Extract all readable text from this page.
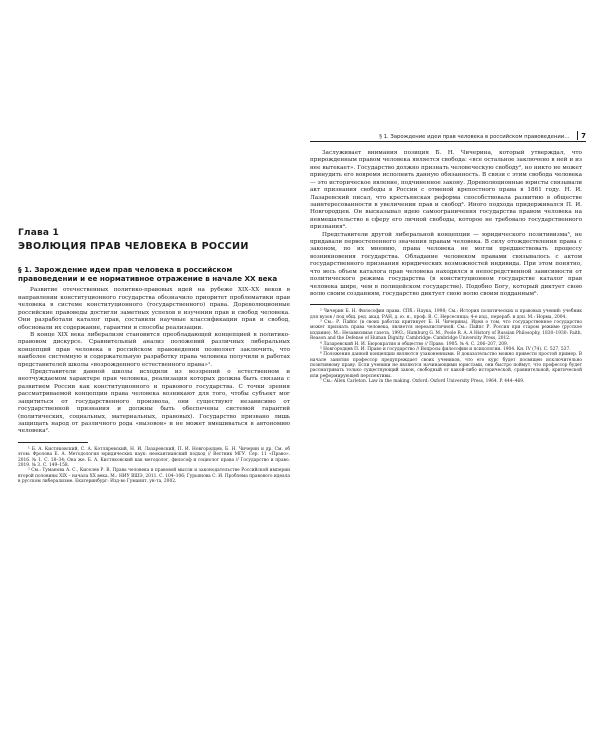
§ 1. Зарождение идеи прав человека в российском правоведении…	7
Глава 1
ЭВОЛЮЦИЯ ПРАВ ЧЕЛОВЕКА В РОССИИ
§ 1. Зарождение идеи прав человека в российском правоведении и ее нормативное отражение в начале XX века

Развитие отечественных политико-правовых идей на рубеже XIX–XX веков в направлении конституционного государства обозначило приоритет проблематики прав человека в системе конституционного (государственного) права. Дореволюционные российские правоведы достигли заметных успехов в изучении прав и свобод человека. Они разработали каталог прав, составили научные классификации прав и свобод, обосновали их содержание, гарантии и способы реализации.

В конце XIX века либерализм становится преобладающей концепцией в политико-правовом дискурсе. Сравнительный анализ положений различных либеральных концепций прав человека в российском правоведении позволяет заключить, что наиболее системную и содержательную разработку права человека получили в работах представителей школы «возрожденного естественного права»¹.

Представители данной школы исходили из воззрений о естественном и неотчуждаемом характере прав человека, реализация которых должна быть связана с развитием России как конституционного и правового государства. С точки зрения рассматриваемой концепции права человека возникают для того, чтобы субъект мог защититься от государственного произвола, они существуют независимо от государственной признания и должны быть обеспечены системой гарантий (политических, социальных, материальных, правовых). Государство призвано лишь защищать народ от различного рода «вызовов» и не может вмешиваться в автономию человека².

¹ Б. А. Кистяковский, С. А. Котляревский, Н. И. Лазаревский, П. И. Новгородцев, Б. Н. Чичерин и др. См. об этом: Фролова Е. А. Методология юридических наук: неокантианский подход // Вестник МГУ. Сер. 11 «Право». 2016. № 1. С. 18–34; Она же. Б. А. Кистяковский как методолог, философ и социолог права // Государство и право. 2019. № 3. С. 149–158.

² См.: Туманова А. С., Киселев Р. В. Права человека в правовой мысли и законодательстве Российской империи второй половины XIX – начала XX века. М.: НИУ ВШЭ, 2011. С. 104–106; Гурьянова С. И. Проблема правового идеала в русском либерализме. Екатеринбург: Изд-во Гуманит. ун-та, 2002.

Заслуживает внимания позиция Б. Н. Чичерина, который утверждал, что прирожденным правом человека является свобода: «все остальное заключено в ней и из нее вытекает». Государство должно признать человеческую свободу², но никто не может принудить его вовремя исполнить данную обязанность. В связи с этим свобода человека — это историческое явление, подчиненное закону. Дореволюционные юристы связывали акт признания свободы в России с отменой крепостного права в 1861 году. Н. И. Лазаревский писал, что крестьянская реформа способствовала развитию в обществе заинтересованности в увеличении прав и свобод³. Иного подхода придерживался П. И. Новгородцев. Он высказывал идею самоограничения государства правом человека на невмешательство в сферу его личной свободы, которое не требовало государственного признания⁴.

Представители другой либеральной концепции — юридического позитивизма⁵, не придавали первостепенного значения правам человека. В силу отождествления права с законом, по их мнению, права человека не могли предшествовать процессу возникновения государства. Обладание человеком правами связывалось с актом государственного признания юридических возможностей индивида. При этом понятно, что весь объем каталога прав человека находился в непосредственной зависимости от политического режима государства (в конституционном государстве каталог прав человека шире, чем в полицейском государстве). Подобно Богу, который диктует свою волю своим созданиям, государство диктует свою волю своим подданным⁶.

² Чичерин Б. Н. Философия права. СПб.: Наука, 1998; См.: История политических и правовых учений: учебник для вузов / под общ. ред. акад. РАН, д. ю. н., проф. В. С. Нерсесянца; 4-е изд., перераб. и доп. М.: Норма, 2004.

³ См.: Р. Пайпс (в своих работах критикует Б. Н. Чичерина). Идеи о том, что государственное государство может признать права человека, является нереалистичной. См.: Пайпс Р. Россия при старом режиме (русское издание). М.: Независимая газета, 1993.; Hamburg G. M., Poole R. A. A History of Russian Philosophy, 1830–1930: Faith, Reason and the Defense of Human Dignity. Cambridge: Cambridge University Press, 2012.

⁴ Лазаревский Н. И. Бюрократия и общество // Право. 1905. № 4. С. 206–207, 209.

⁵ Новгородцев П. И. Право и государство // Вопросы философии и психологии. 1904. Кн. IV (74). С. 527, 537.

⁶ Положения данной концепции являются узаконенными. В доказательство можно привести простой пример. В начале занятия профессор предупреждает своих учеников, что его курс будет посвящен исключительно позитивному праву. Если ученики не являются начинающими юристами, они быстро поймут, что профессор будет рассматривать только существующий закон, свободный от какой-либо исторической, сравнительной, критической или реформирующей перспективы.

⁷ См.: Allen Carleton. Law in the making. Oxford: Oxford University Press, 1964. P. 444–469.
